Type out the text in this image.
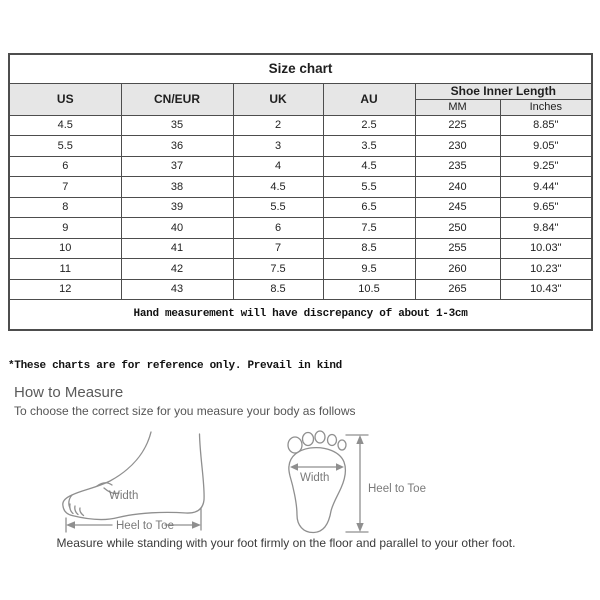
Size chart					
US	CN/EUR	UK	AU	Shoe Inner Length	
				MM	Inches
4.5	35	2	2.5	225	8.85"
5.5	36	3	3.5	230	9.05"
6	37	4	4.5	235	9.25"
7	38	4.5	5.5	240	9.44"
8	39	5.5	6.5	245	9.65"
9	40	6	7.5	250	9.84"
10	41	7	8.5	255	10.03"
11	42	7.5	9.5	260	10.23"
12	43	8.5	10.5	265	10.43"
Hand measurement will have discrepancy of about 1-3cm					
*These charts are for reference only. Prevail in kind
How to Measure
To choose the correct size for you measure your body as follows
Width
Heel to Toe
Width
Heel to Toe
Measure while standing with your foot firmly on the floor and parallel to your other foot.
